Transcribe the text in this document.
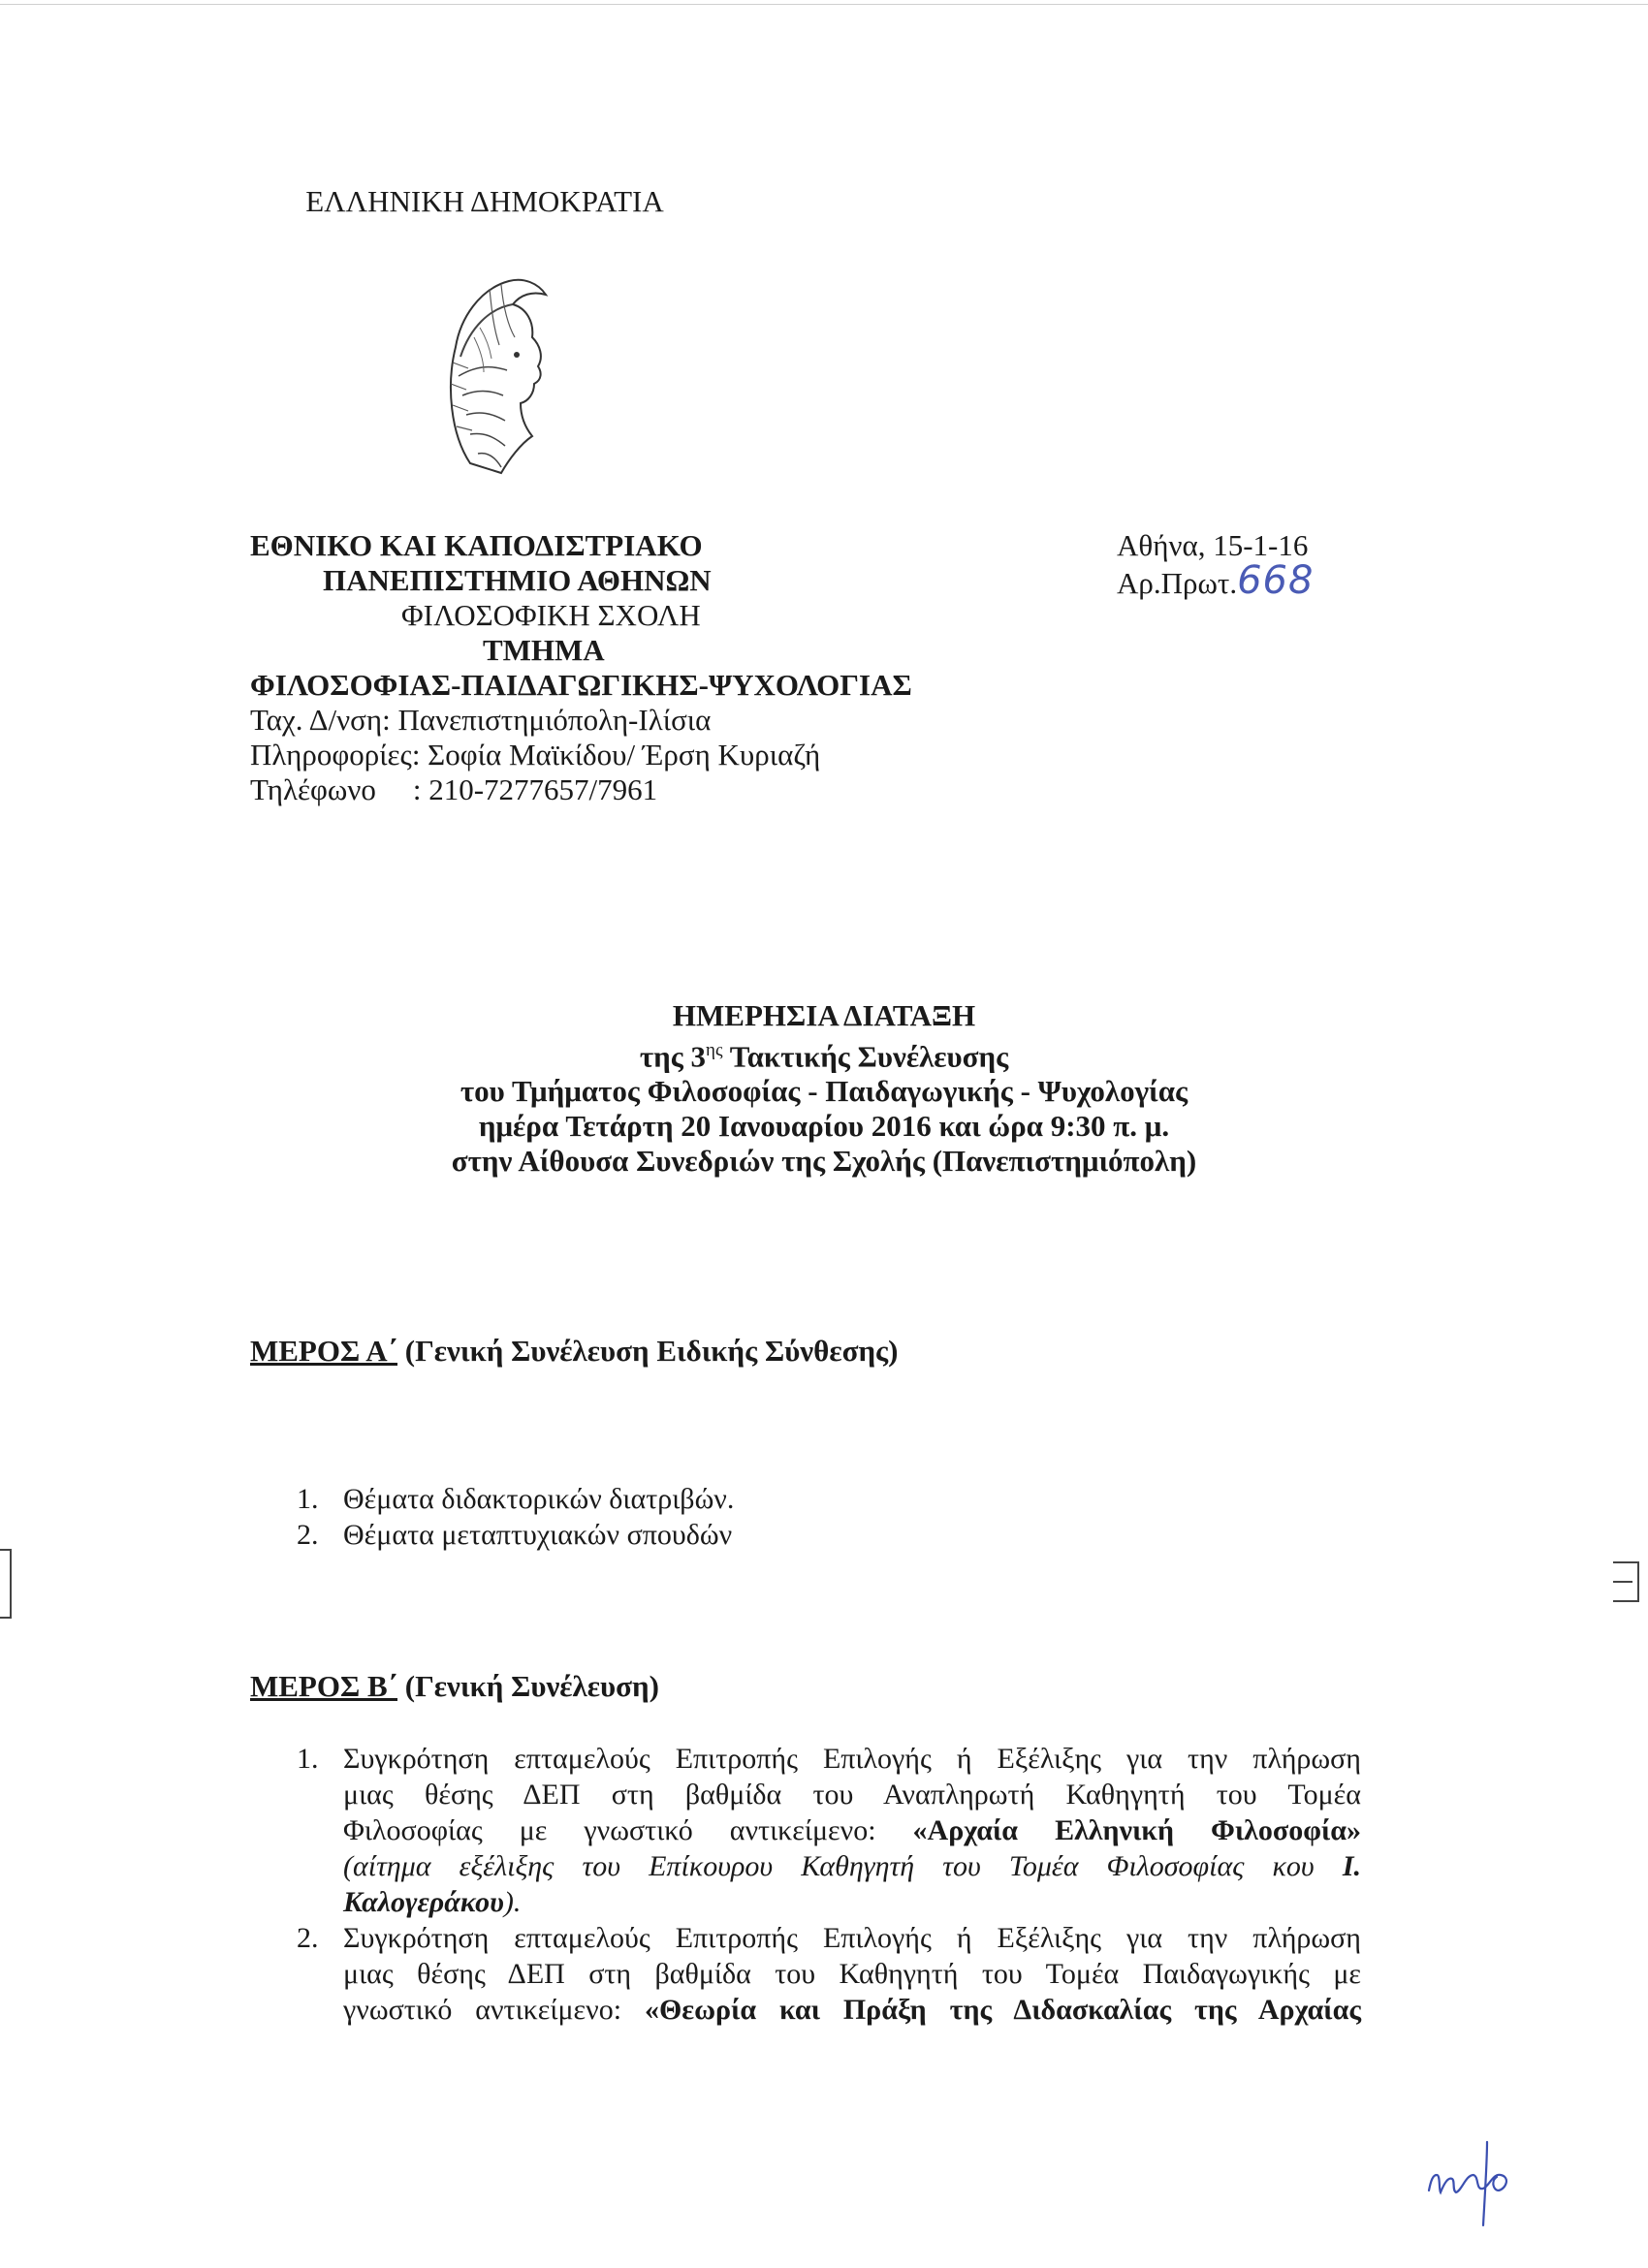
ΕΛΛΗΝΙΚΗ ΔΗΜΟΚΡΑΤΙΑ
ΕΘΝΙΚΟ ΚΑΙ ΚΑΠΟΔΙΣΤΡΙΑΚΟ
ΠΑΝΕΠΙΣΤΗΜΙΟ ΑΘΗΝΩΝ
ΦΙΛΟΣΟΦΙΚΗ ΣΧΟΛΗ
ΤΜΗΜΑ
ΦΙΛΟΣΟΦΙΑΣ-ΠΑΙΔΑΓΩΓΙΚΗΣ-ΨΥΧΟΛΟΓΙΑΣ
Ταχ. Δ/νση: Πανεπιστημιόπολη-Ιλίσια
Πληροφορίες: Σοφία Μαϊκίδου/ Έρση Κυριαζή
Τηλέφωνο : 210-7277657/7961
Αθήνα, 15-1-16
Αρ.Πρωτ.668
ΗΜΕΡΗΣΙΑ ΔΙΑΤΑΞΗ
της $3^{\eta\varsigma}$ Τακτικής Συνέλευσης
του Τμήματος Φιλοσοφίας - Παιδαγωγικής - Ψυχολογίας
ημέρα Τετάρτη 20 Ιανουαρίου 2016 και ώρα 9:30 π. μ.
στην Αίθουσα Συνεδριών της Σχολής (Πανεπιστημιόπολη)
ΜΕΡΟΣ Α΄ (Γενική Συνέλευση Ειδικής Σύνθεσης)
1. Θέματα διδακτορικών διατριβών.
2. Θέματα μεταπτυχιακών σπουδών
ΜΕΡΟΣ Β΄ (Γενική Συνέλευση)
1. Συγκρότηση επταμελούς Επιτροπής Επιλογής ή Εξέλιξης για την πλήρωση
μιας θέσης ΔΕΠ στη βαθμίδα του Αναπληρωτή Καθηγητή του Τομέα
Φιλοσοφίας με γνωστικό αντικείμενο: «Αρχαία Ελληνική Φιλοσοφία»
(αίτημα εξέλιξης του Επίκουρου Καθηγητή του Τομέα Φιλοσοφίας κου Ι.
Καλογεράκου).
2. Συγκρότηση επταμελούς Επιτροπής Επιλογής ή Εξέλιξης για την πλήρωση
μιας θέσης ΔΕΠ στη βαθμίδα του Καθηγητή του Τομέα Παιδαγωγικής με
γνωστικό αντικείμενο: «Θεωρία και Πράξη της Διδασκαλίας της Αρχαίας
